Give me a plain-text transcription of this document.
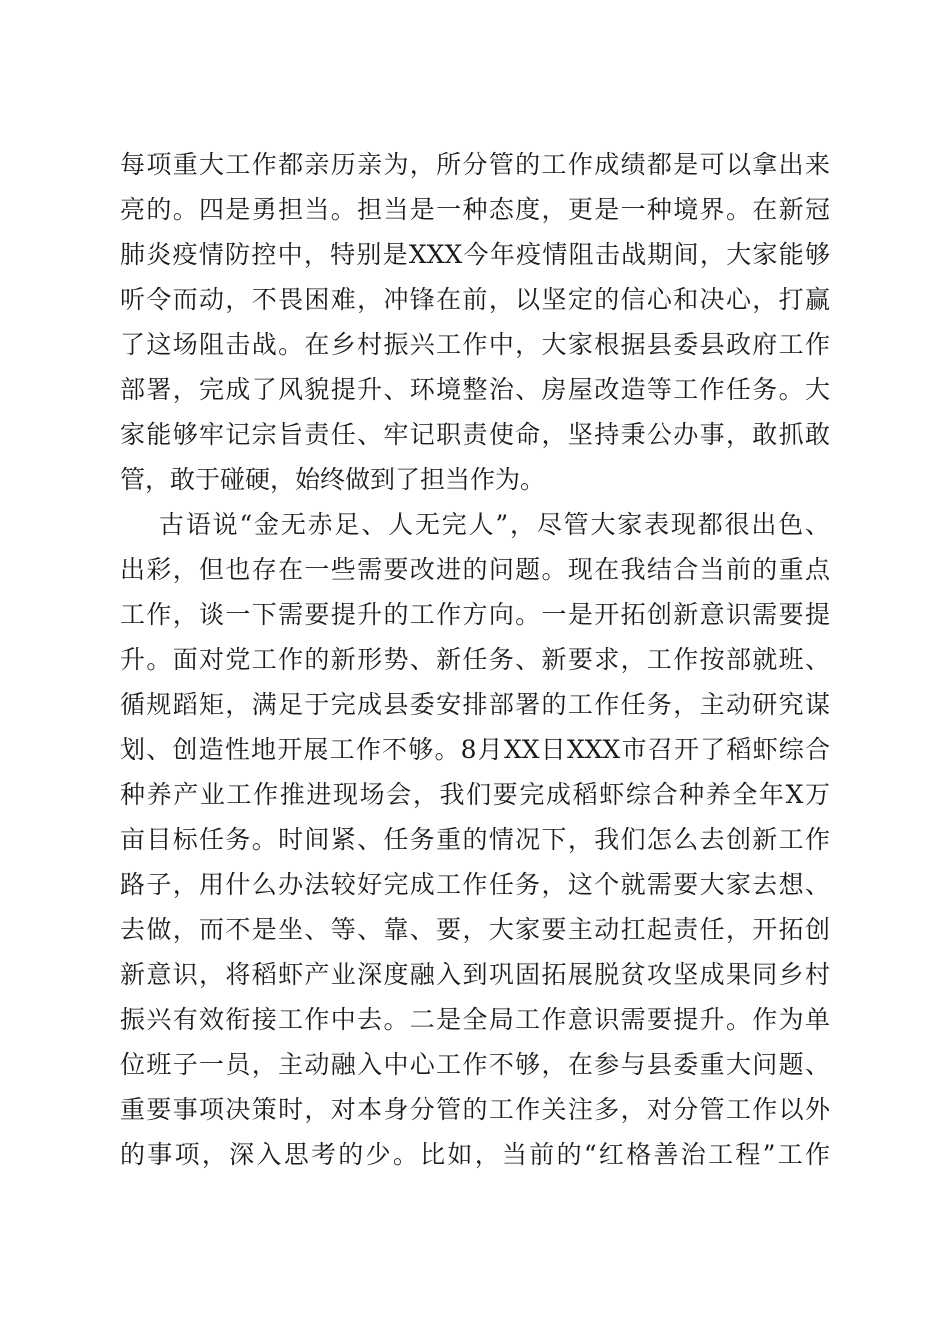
每项重大工作都亲历亲为，所分管的工作成绩都是可以拿出来
亮的。四是勇担当。担当是一种态度，更是一种境界。在新冠
肺炎疫情防控中，特别是XXX今年疫情阻击战期间，大家能够
听令而动，不畏困难，冲锋在前，以坚定的信心和决心，打赢
了这场阻击战。在乡村振兴工作中，大家根据县委县政府工作
部署，完成了风貌提升、环境整治、房屋改造等工作任务。大
家能够牢记宗旨责任、牢记职责使命，坚持秉公办事，敢抓敢
管，敢于碰硬，始终做到了担当作为。
古语说“金无赤足、人无完人”，尽管大家表现都很出色、
出彩，但也存在一些需要改进的问题。现在我结合当前的重点
工作，谈一下需要提升的工作方向。一是开拓创新意识需要提
升。面对党工作的新形势、新任务、新要求，工作按部就班、
循规蹈矩，满足于完成县委安排部署的工作任务，主动研究谋
划、创造性地开展工作不够。8月XX日XXX市召开了稻虾综合
种养产业工作推进现场会，我们要完成稻虾综合种养全年X万
亩目标任务。时间紧、任务重的情况下，我们怎么去创新工作
路子，用什么办法较好完成工作任务，这个就需要大家去想、
去做，而不是坐、等、靠、要，大家要主动扛起责任，开拓创
新意识，将稻虾产业深度融入到巩固拓展脱贫攻坚成果同乡村
振兴有效衔接工作中去。二是全局工作意识需要提升。作为单
位班子一员，主动融入中心工作不够，在参与县委重大问题、
重要事项决策时，对本身分管的工作关注多，对分管工作以外
的事项，深入思考的少。比如，当前的“红格善治工程”工作
